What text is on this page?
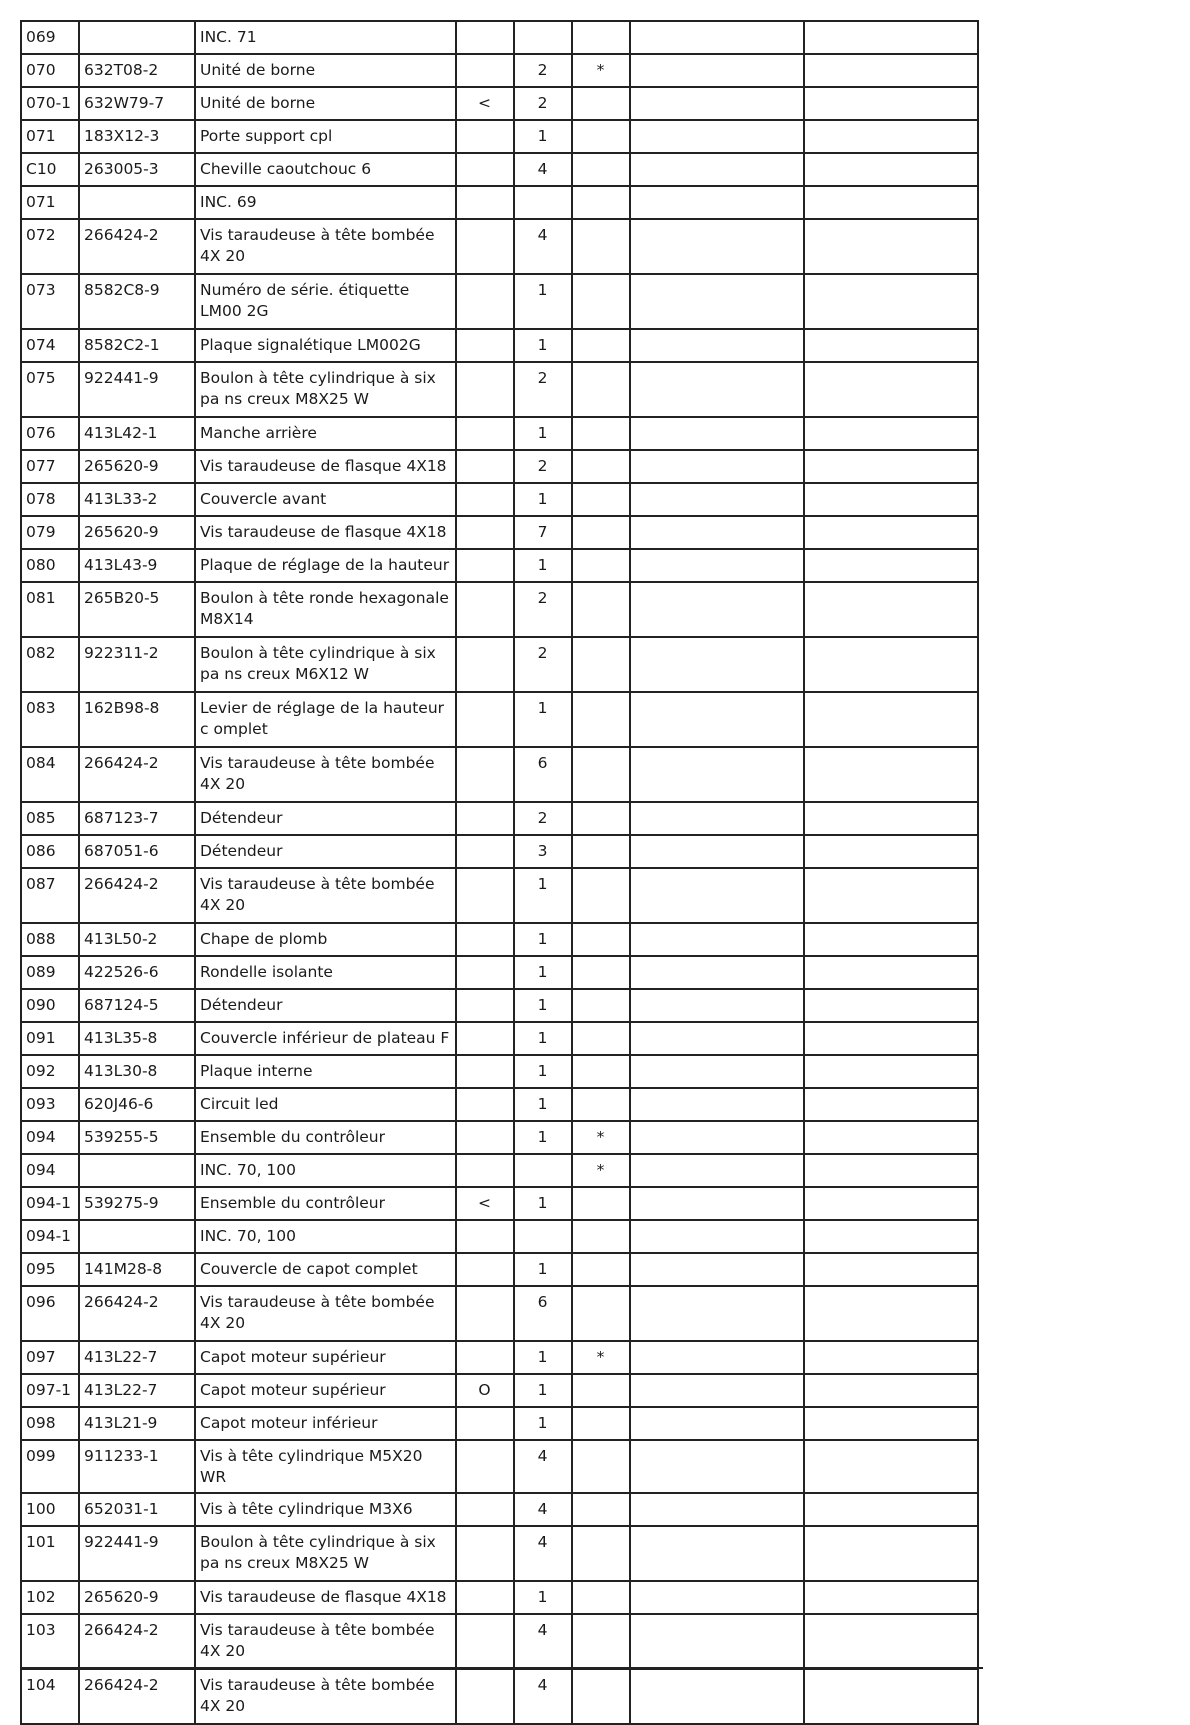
069		INC. 71					
070	632T08-2	Unité de borne		2	*		
070-1	632W79-7	Unité de borne	<	2			
071	183X12-3	Porte support cpl		1			
C10	263005-3	Cheville caoutchouc 6		4			
071		INC. 69					
072	266424-2	Vis taraudeuse à tête bombée 4X 20		4			
073	8582C8-9	Numéro de série. étiquette LM00 2G		1			
074	8582C2-1	Plaque signalétique LM002G		1			
075	922441-9	Boulon à tête cylindrique à six pa ns creux M8X25 W		2			
076	413L42-1	Manche arrière		1			
077	265620-9	Vis taraudeuse de flasque 4X18		2			
078	413L33-2	Couvercle avant		1			
079	265620-9	Vis taraudeuse de flasque 4X18		7			
080	413L43-9	Plaque de réglage de la hauteur		1			
081	265B20-5	Boulon à tête ronde hexagonale M8X14		2			
082	922311-2	Boulon à tête cylindrique à six pa ns creux M6X12 W		2			
083	162B98-8	Levier de réglage de la hauteur c omplet		1			
084	266424-2	Vis taraudeuse à tête bombée 4X 20		6			
085	687123-7	Détendeur		2			
086	687051-6	Détendeur		3			
087	266424-2	Vis taraudeuse à tête bombée 4X 20		1			
088	413L50-2	Chape de plomb		1			
089	422526-6	Rondelle isolante		1			
090	687124-5	Détendeur		1			
091	413L35-8	Couvercle inférieur de plateau F		1			
092	413L30-8	Plaque interne		1			
093	620J46-6	Circuit led		1			
094	539255-5	Ensemble du contrôleur		1	*		
094		INC. 70, 100			*		
094-1	539275-9	Ensemble du contrôleur	<	1			
094-1		INC. 70, 100					
095	141M28-8	Couvercle de capot complet		1			
096	266424-2	Vis taraudeuse à tête bombée 4X 20		6			
097	413L22-7	Capot moteur supérieur		1	*		
097-1	413L22-7	Capot moteur supérieur	O	1			
098	413L21-9	Capot moteur inférieur		1			
099	911233-1	Vis à tête cylindrique M5X20 WR		4			
100	652031-1	Vis à tête cylindrique M3X6		4			
101	922441-9	Boulon à tête cylindrique à six pa ns creux M8X25 W		4			
102	265620-9	Vis taraudeuse de flasque 4X18		1			
103	266424-2	Vis taraudeuse à tête bombée 4X 20		4			
104	266424-2	Vis taraudeuse à tête bombée 4X 20		4			
